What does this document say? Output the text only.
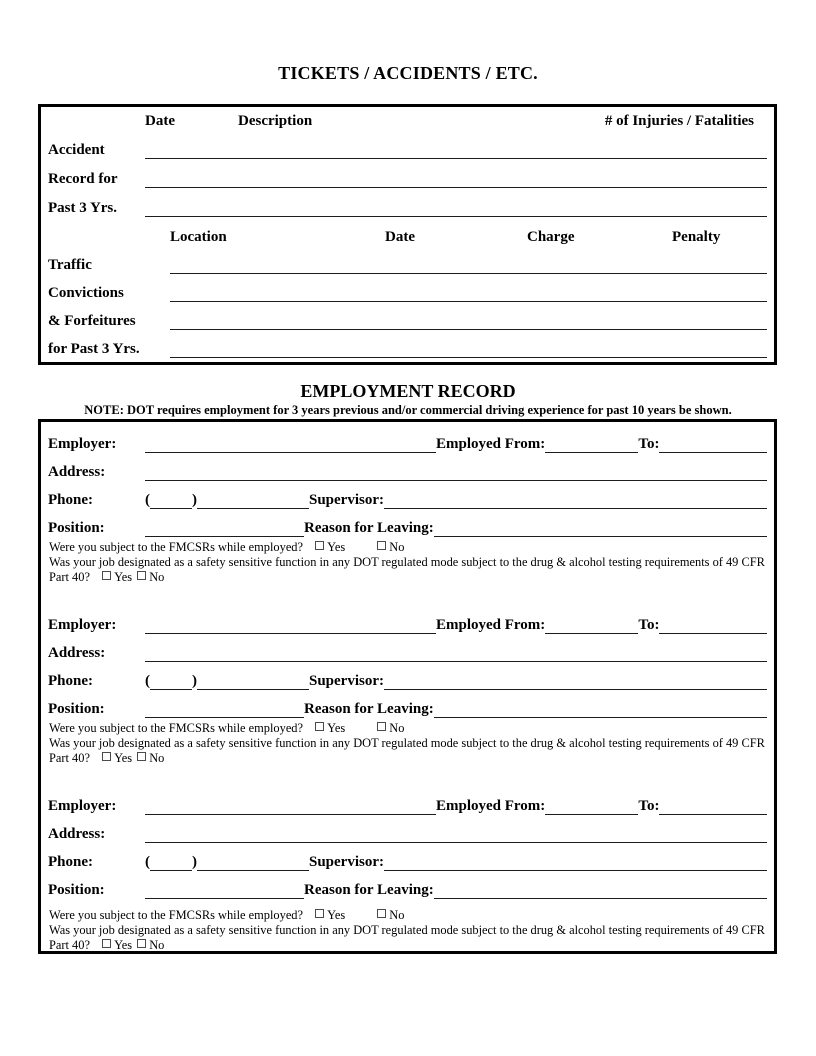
TICKETS / ACCIDENTS / ETC.
Date	Description	# of Injuries / Fatalities
Accident
Record for
Past 3 Yrs.
Location	Date	Charge	Penalty
Traffic
Convictions
& Forfeitures
for Past 3 Yrs.
EMPLOYMENT RECORD
NOTE: DOT requires employment for 3 years previous and/or commercial driving experience for past 10 years be shown.
Employer:	Employed From:	To:
Address:
Phone:	(	)	Supervisor:
Position:	Reason for Leaving:
Were you subject to the FMCSRs while employed? Yes	No
Was your job designated as a safety sensitive function in any DOT regulated mode subject to the drug & alcohol testing requirements of 49 CFR Part 40? Yes No
Employer:	Employed From:	To:
Address:
Phone:	(	)	Supervisor:
Position:	Reason for Leaving:
Were you subject to the FMCSRs while employed? Yes	No
Was your job designated as a safety sensitive function in any DOT regulated mode subject to the drug & alcohol testing requirements of 49 CFR Part 40? Yes No
Employer:	Employed From:	To:
Address:
Phone:	(	)	Supervisor:
Position:	Reason for Leaving:
Were you subject to the FMCSRs while employed? Yes	No
Was your job designated as a safety sensitive function in any DOT regulated mode subject to the drug & alcohol testing requirements of 49 CFR Part 40? Yes No
